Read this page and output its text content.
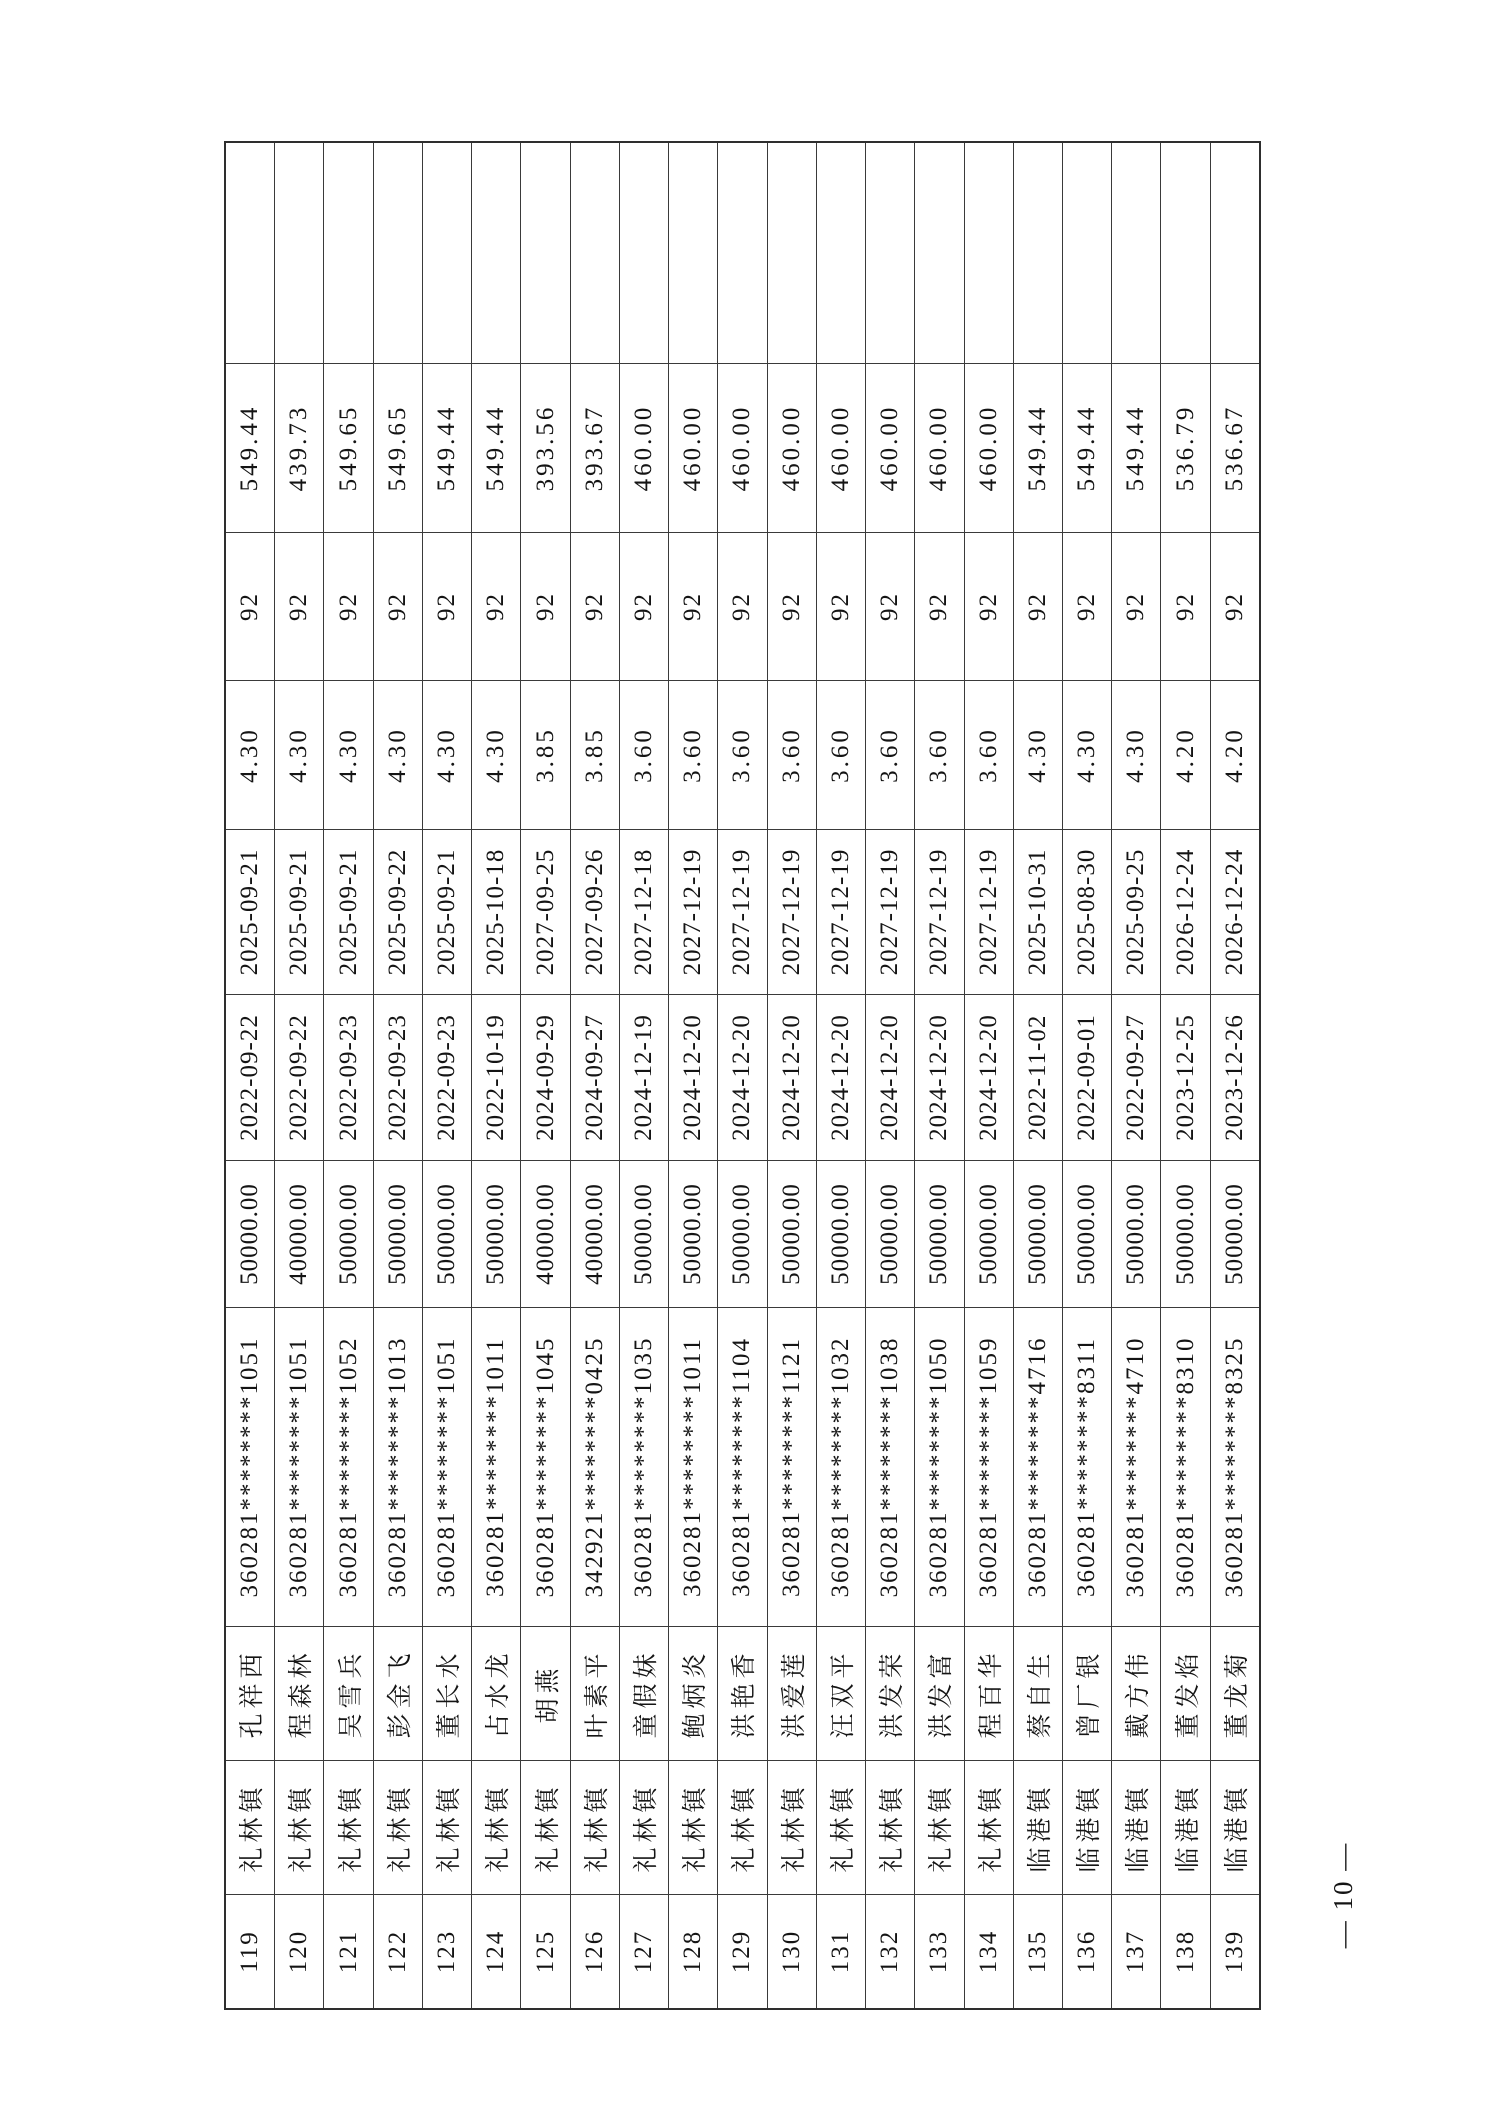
119	礼林镇	孔祥西	360281********1051	50000.00	2022-09-22	2025-09-21	4.30	92	549.44	
120	礼林镇	程森林	360281********1051	40000.00	2022-09-22	2025-09-21	4.30	92	439.73	
121	礼林镇	吴雪兵	360281********1052	50000.00	2022-09-23	2025-09-21	4.30	92	549.65	
122	礼林镇	彭金飞	360281********1013	50000.00	2022-09-23	2025-09-22	4.30	92	549.65	
123	礼林镇	董长水	360281********1051	50000.00	2022-09-23	2025-09-21	4.30	92	549.44	
124	礼林镇	占水龙	360281********1011	50000.00	2022-10-19	2025-10-18	4.30	92	549.44	
125	礼林镇	胡燕	360281********1045	40000.00	2024-09-29	2027-09-25	3.85	92	393.56	
126	礼林镇	叶素平	342921********0425	40000.00	2024-09-27	2027-09-26	3.85	92	393.67	
127	礼林镇	童假妹	360281********1035	50000.00	2024-12-19	2027-12-18	3.60	92	460.00	
128	礼林镇	鲍炳炎	360281********1011	50000.00	2024-12-20	2027-12-19	3.60	92	460.00	
129	礼林镇	洪艳香	360281********1104	50000.00	2024-12-20	2027-12-19	3.60	92	460.00	
130	礼林镇	洪爱莲	360281********1121	50000.00	2024-12-20	2027-12-19	3.60	92	460.00	
131	礼林镇	汪双平	360281********1032	50000.00	2024-12-20	2027-12-19	3.60	92	460.00	
132	礼林镇	洪发荣	360281********1038	50000.00	2024-12-20	2027-12-19	3.60	92	460.00	
133	礼林镇	洪发富	360281********1050	50000.00	2024-12-20	2027-12-19	3.60	92	460.00	
134	礼林镇	程百华	360281********1059	50000.00	2024-12-20	2027-12-19	3.60	92	460.00	
135	临港镇	蔡自生	360281********4716	50000.00	2022-11-02	2025-10-31	4.30	92	549.44	
136	临港镇	曾厂银	360281********8311	50000.00	2022-09-01	2025-08-30	4.30	92	549.44	
137	临港镇	戴方伟	360281********4710	50000.00	2022-09-27	2025-09-25	4.30	92	549.44	
138	临港镇	董发焰	360281********8310	50000.00	2023-12-25	2026-12-24	4.20	92	536.79	
139	临港镇	董龙菊	360281********8325	50000.00	2023-12-26	2026-12-24	4.20	92	536.67	
— 10 —
